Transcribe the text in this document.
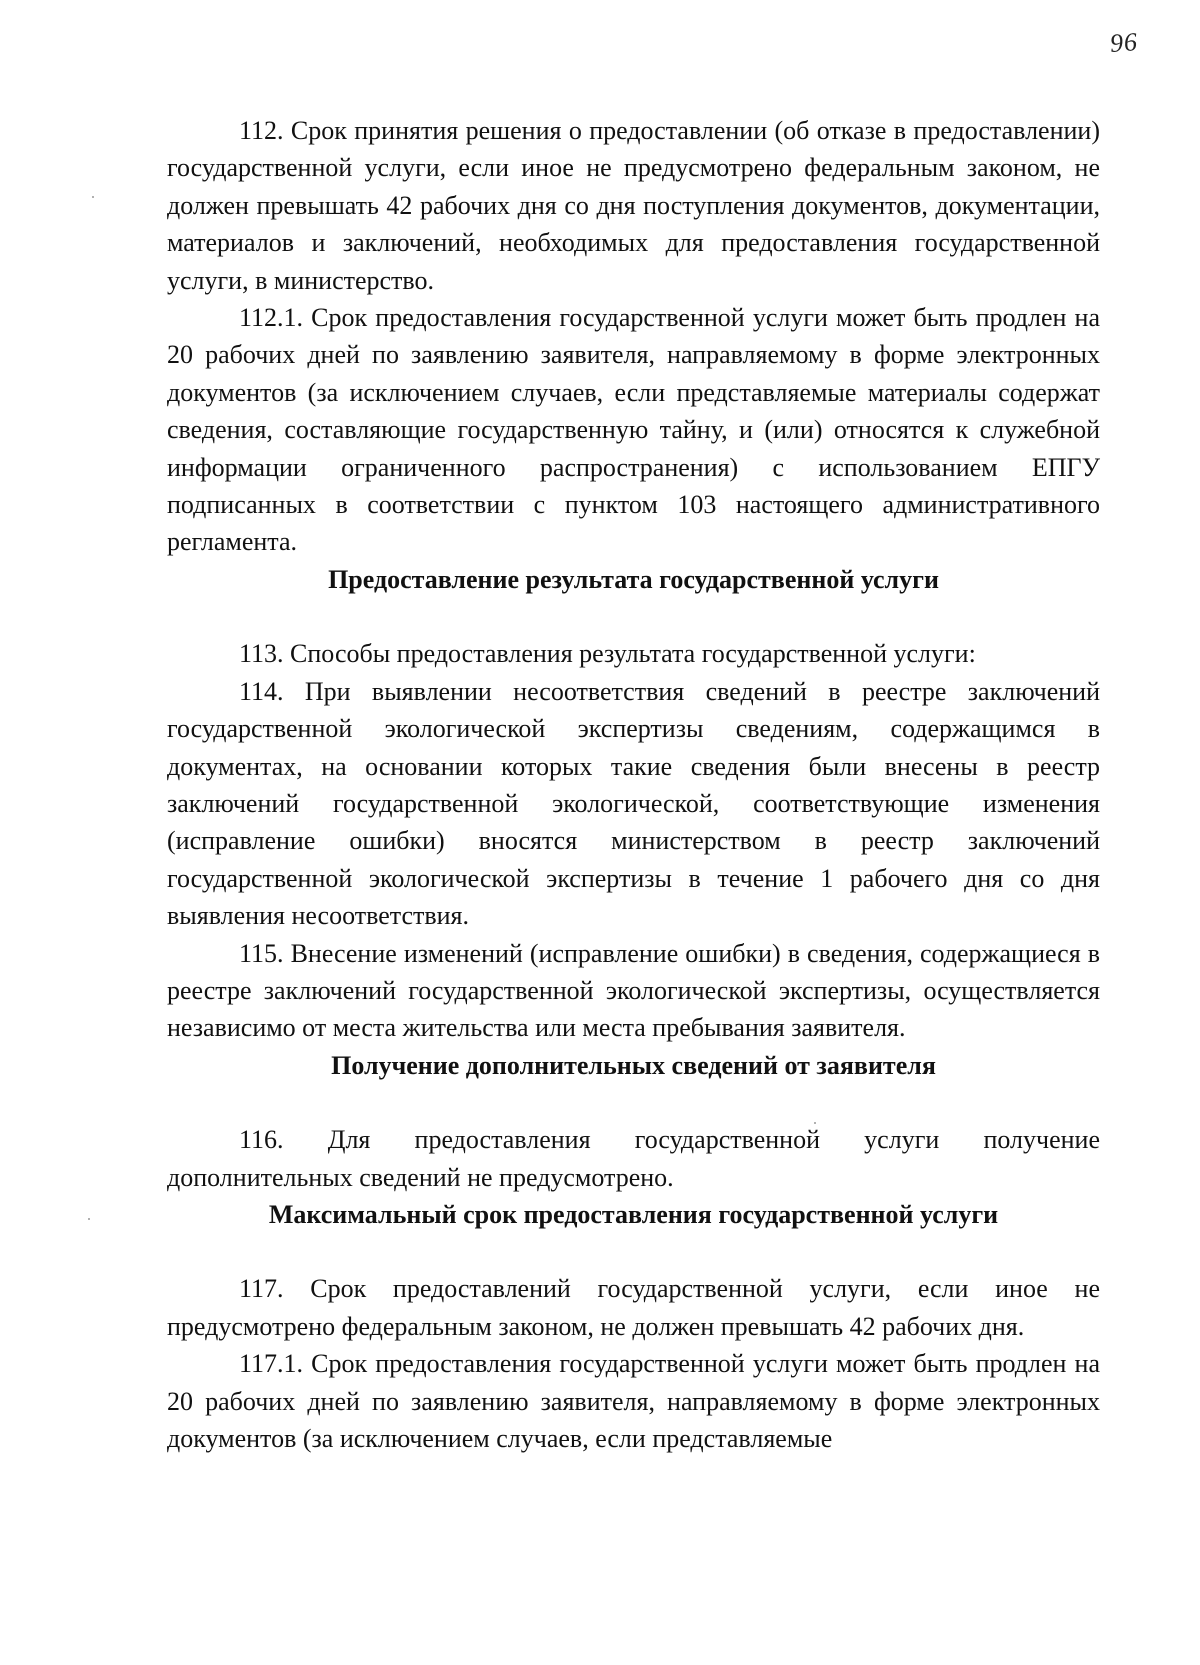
96

112. Срок принятия решения о предоставлении (об отказе в предоставлении) государственной услуги, если иное не предусмотрено федеральным законом, не должен превышать 42 рабочих дня со дня поступления документов, документации, материалов и заключений, необходимых для предоставления государственной услуги, в министерство.

112.1. Срок предоставления государственной услуги может быть продлен на 20 рабочих дней по заявлению заявителя, направляемому в форме электронных документов (за исключением случаев, если представляемые материалы содержат сведения, составляющие государственную тайну, и (или) относятся к служебной информации ограниченного распространения) с использованием ЕПГУ подписанных в соответствии с пунктом 103 настоящего административного регламента.

Предоставление результата государственной услуги

113. Способы предоставления результата государственной услуги:

114. При выявлении несоответствия сведений в реестре заключений государственной экологической экспертизы сведениям, содержащимся в документах, на основании которых такие сведения были внесены в реестр заключений государственной экологической, соответствующие изменения (исправление ошибки) вносятся министерством в реестр заключений государственной экологической экспертизы в течение 1 рабочего дня со дня выявления несоответствия.

115. Внесение изменений (исправление ошибки) в сведения, содержащиеся в реестре заключений государственной экологической экспертизы, осуществляется независимо от места жительства или места пребывания заявителя.

Получение дополнительных сведений от заявителя

116. Для предоставления государственной услуги получение дополнительных сведений не предусмотрено.

Максимальный срок предоставления государственной услуги

117. Срок предоставлений государственной услуги, если иное не предусмотрено федеральным законом, не должен превышать 42 рабочих дня.

117.1. Срок предоставления государственной услуги может быть продлен на 20 рабочих дней по заявлению заявителя, направляемому в форме электронных документов (за исключением случаев, если представляемые
